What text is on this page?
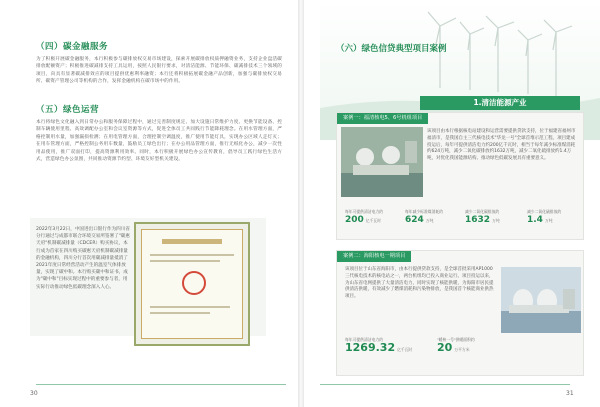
（四）碳金融服务
为了积极开展碳金融服务，本行积极参与碳排放权交易市场建设，探索开展碳排放权质押融资业务，支持企业盘活碳排放配额资产；积极推进碳减排支持工具运用，按照人民银行要求，对清洁能源、节能环保、碳减排技术三个领域的项目，向具有显著碳减排效应的项目提供优惠利率融资；本行还将积极拓展碳金融产品创新，加强与碳排放权交易所、碳资产管理公司等机构的合作，发挥金融机构在碳市场中的作用。
（五）绿色运营
本行将绿色文化融入到日常办公和服务保障过程中，通过完善制度规定、加大设施日常维护力度、更换节能设备、控制车辆使用里程、高效调配办公室和会议室资源等方式，促进全体员工共同践行节能降耗理念。在用水管理方面，严格控制用水量，加强漏损检测；在用电管理方面，合理控制空调温度，推广使用节能灯具，实现办公区域人走灯灭；在用车管理方面，严格控制公务用车数量，鼓励员工绿色出行；在办公用品管理方面，推行无纸化办公，减少一次性用品使用，推广双面打印，提高资源利用效率。同时，本行积极开展绿色办公宣传教育，倡导员工践行绿色生活方式，营造绿色办公氛围，共同推动资源节约型、环境友好型机关建设。
2022年3月22日，中国进出口银行作为四川省分行通过与成都市联合环境交易所签署了"碳惠天府"机制碳减排量（CDCER）购买协议，本行成为首家在四川购买碳惠天府机制碳减排量的金融机构，四川分行首次用碳减排量抵消了2021年度日常经营活动产生的温室气体排放量，实现了碳中和。本行购买碳中和证书，成为"碳中和"目标实现过程中的重要参与者，用实际行动推动绿色低碳理念深入人心。
30
（六）绿色信贷典型项目案例
1.清洁能源产业
案例一：福清核电5、6号机组项目
该项目由本行根据核电站建设和运营需要提供贷款支持，位于福建省福州市福清市，是我国自主三代核电技术"华龙一号"全球首堆示范工程。项目建成投运后，每年可提供清洁电力约200亿千瓦时，相当于每年减少标准煤消耗约624万吨，减少二氧化碳排放约1632万吨，减少二氧化硫排放约1.4万吨，对优化我国能源结构、推动绿色低碳发展具有重要意义。
每年可提供清洁电力约
200 亿千瓦时
每年减少标准煤消耗约
624 万吨
减少二氧化碳排放约
1632 万吨
减少二氧化硫排放约
1.4 万吨
案例二：海阳核电一期项目
该项目位于山东省海阳市，由本行提供贷款支持，是全球首批采用AP1000三代核电技术的核电站之一，两台机组均已投入商业运行。项目投运以来，为山东省电网提供了大量清洁电力，同时实现了核能供暖，为海阳市居民提供清洁供暖，有效减少了燃煤消耗和污染物排放，是我国首个核能商业供热项目。
每年可提供清洁电力约
1269.32 亿千瓦时
"暖核一号"供暖面积约
20 万平方米
31
